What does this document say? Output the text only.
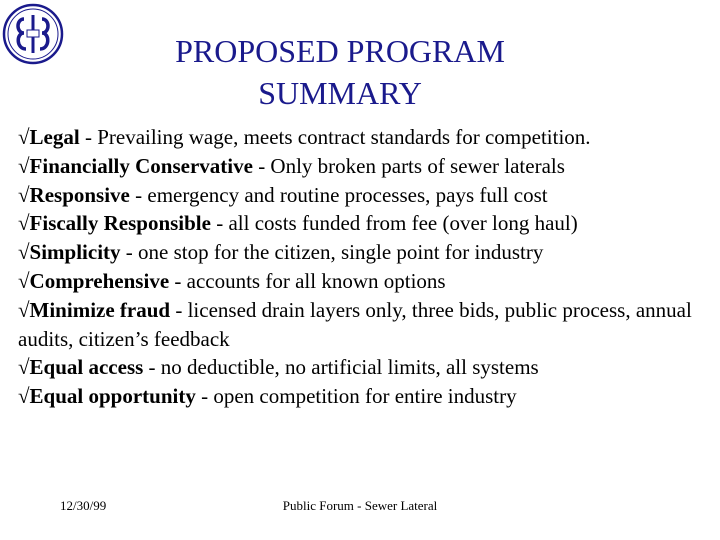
PROPOSED PROGRAM
SUMMARY
√Legal - Prevailing wage, meets contract standards for competition.
√Financially Conservative - Only broken parts of sewer laterals
√Responsive - emergency and routine processes, pays full cost
√Fiscally Responsible - all costs funded from fee (over long haul)
√Simplicity - one stop for the citizen, single point for industry
√Comprehensive - accounts for all known options
√Minimize fraud - licensed drain layers only, three bids, public process, annual audits, citizen’s feedback
√Equal access - no deductible, no artificial limits, all systems
√Equal opportunity - open competition for entire industry
12/30/99	Public Forum - Sewer Lateral
